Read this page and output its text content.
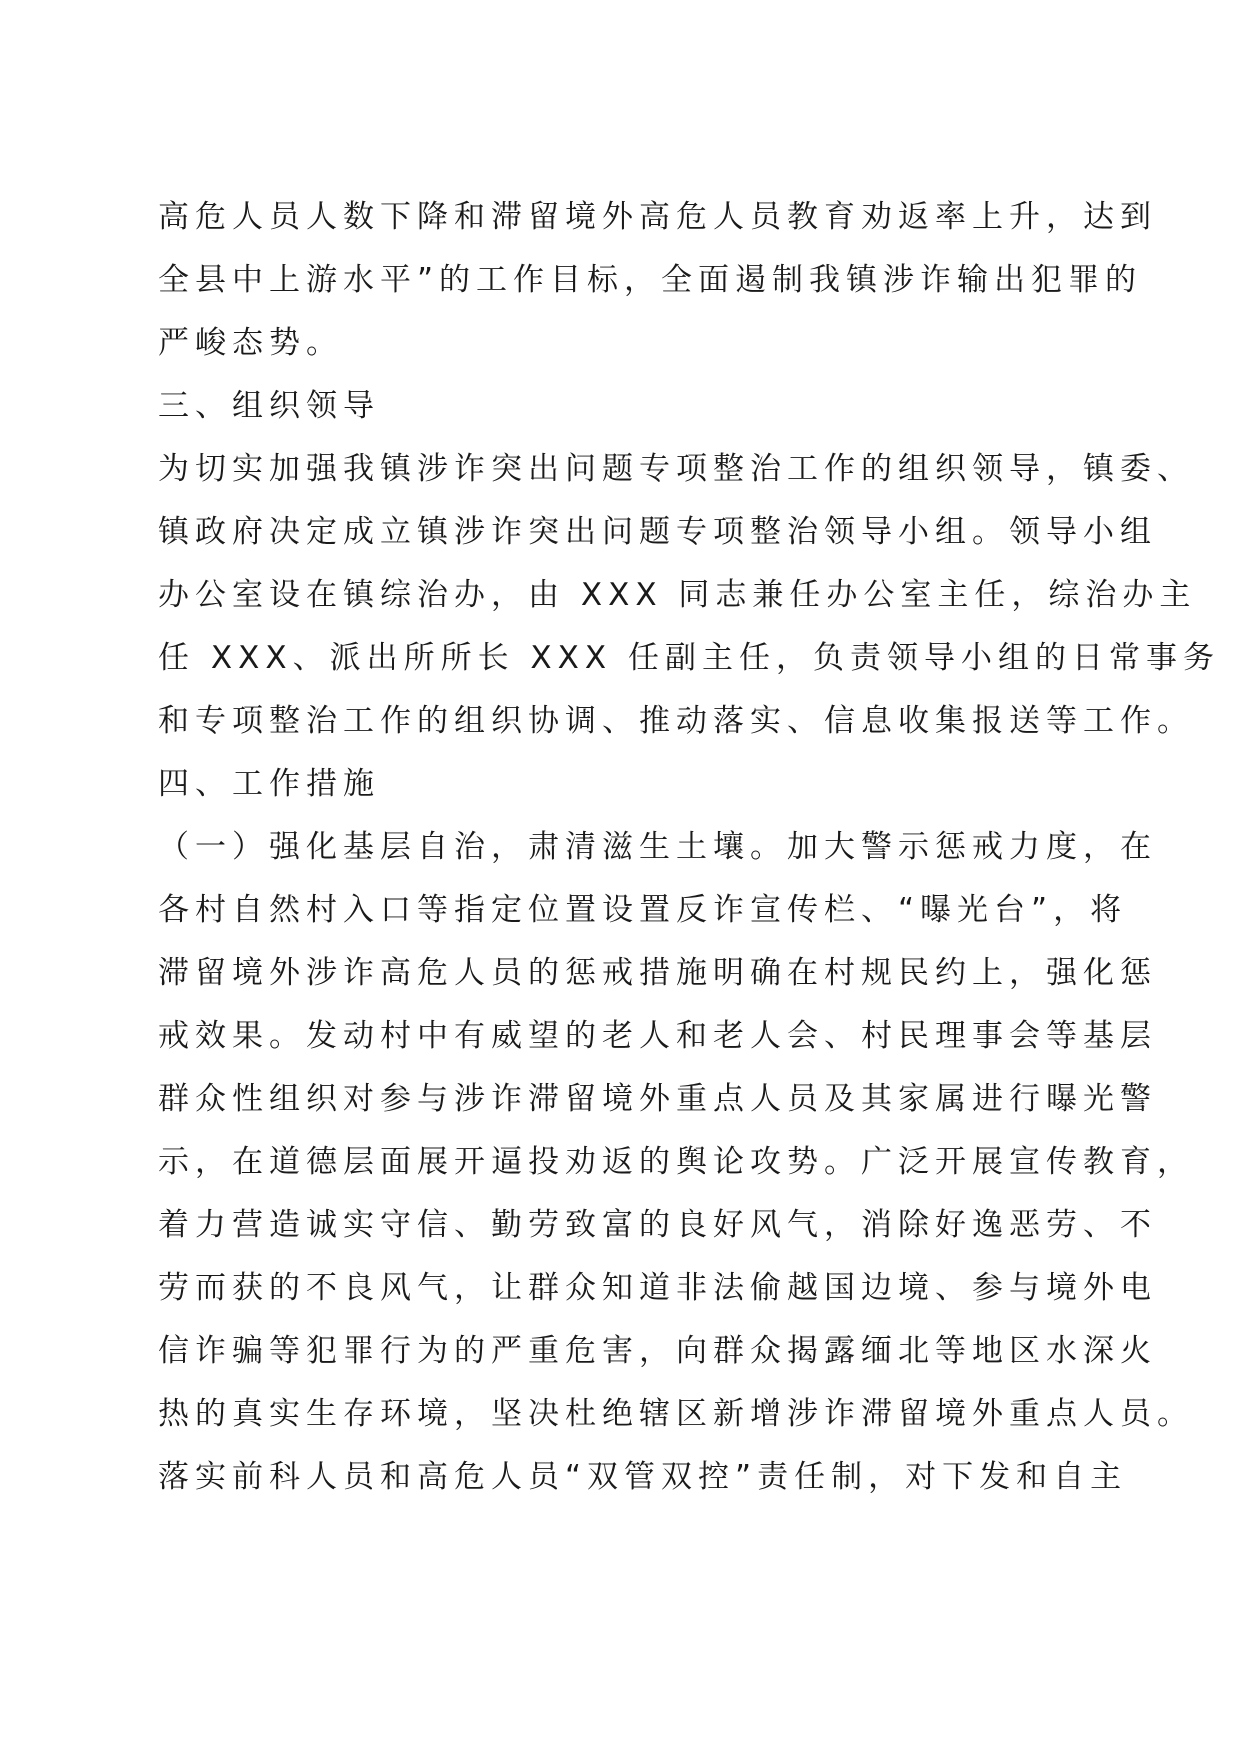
高危人员人数下降和滞留境外高危人员教育劝返率上升，达到
全县中上游水平”的工作目标，全面遏制我镇涉诈输出犯罪的
严峻态势。
三、组织领导
为切实加强我镇涉诈突出问题专项整治工作的组织领导，镇委、
镇政府决定成立镇涉诈突出问题专项整治领导小组。领导小组
办公室设在镇综治办，由 XXX 同志兼任办公室主任，综治办主
任 XXX、派出所所长 XXX 任副主任，负责领导小组的日常事务
和专项整治工作的组织协调、推动落实、信息收集报送等工作。
四、工作措施
（一）强化基层自治，肃清滋生土壤。加大警示惩戒力度，在
各村自然村入口等指定位置设置反诈宣传栏、“曝光台”，将
滞留境外涉诈高危人员的惩戒措施明确在村规民约上，强化惩
戒效果。发动村中有威望的老人和老人会、村民理事会等基层
群众性组织对参与涉诈滞留境外重点人员及其家属进行曝光警
示，在道德层面展开逼投劝返的舆论攻势。广泛开展宣传教育，
着力营造诚实守信、勤劳致富的良好风气，消除好逸恶劳、不
劳而获的不良风气，让群众知道非法偷越国边境、参与境外电
信诈骗等犯罪行为的严重危害，向群众揭露缅北等地区水深火
热的真实生存环境，坚决杜绝辖区新增涉诈滞留境外重点人员。
落实前科人员和高危人员“双管双控”责任制，对下发和自主
